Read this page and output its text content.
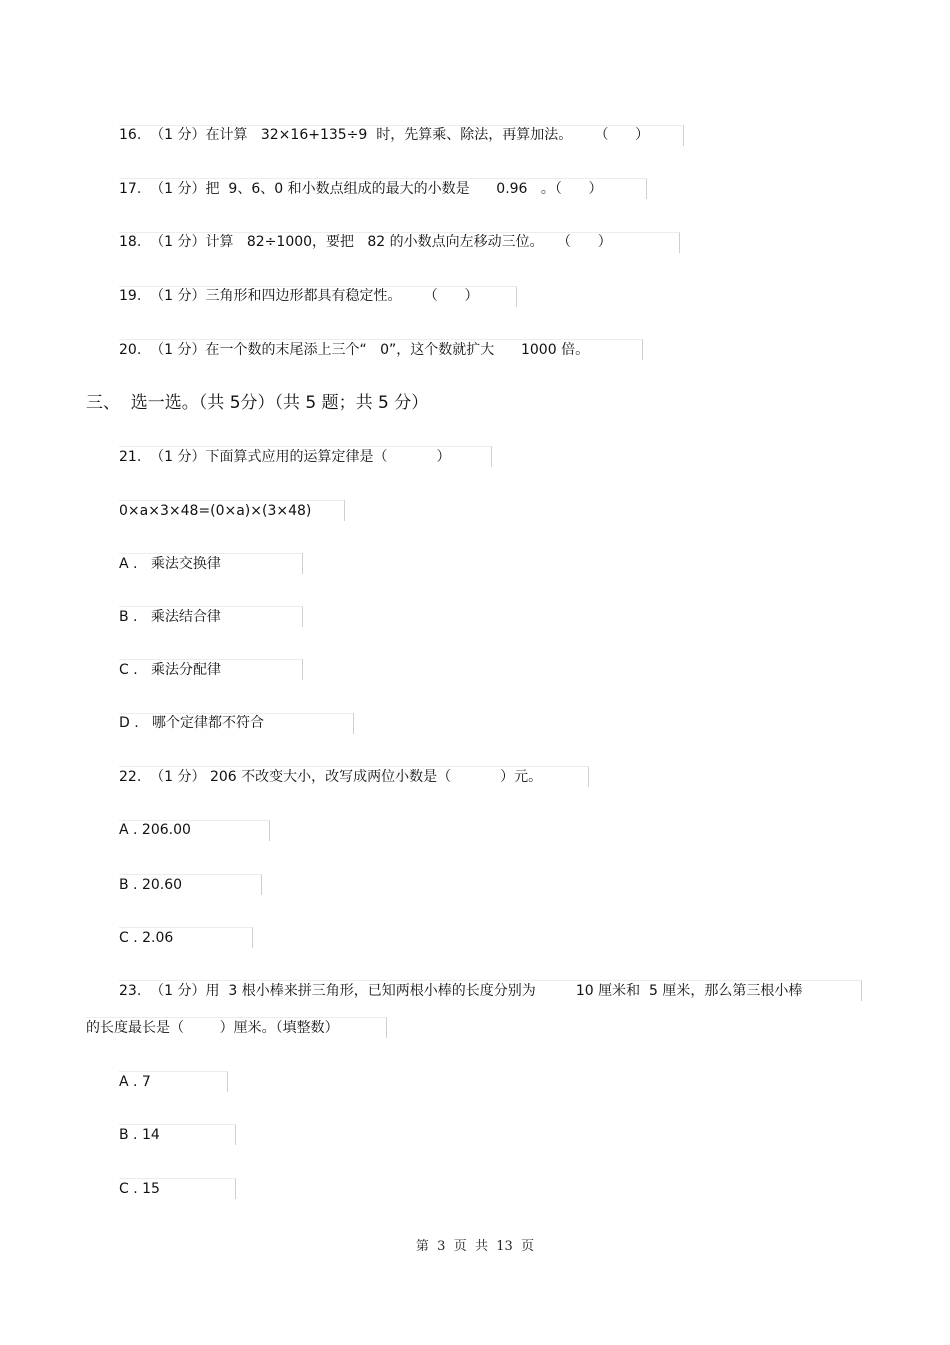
16.  （1 分）在计算   32×16+135÷9  时，先算乘、除法，再算加法。     （      ）
17.  （1 分）把  9、6、0 和小数点组成的最大的小数是      0.96   。（      ）
18.  （1 分）计算   82÷1000，要把   82 的小数点向左移动三位。   （      ）
19.  （1 分）三角形和四边形都具有稳定性。     （      ）
20.  （1 分）在一个数的末尾添上三个“   0”，这个数就扩大      1000 倍。
三、  选一选。（共 5分）（共 5 题；共 5 分）
21.  （1 分）下面算式应用的运算定律是（           ）
0×a×3×48=(0×a)×(3×48)
A .   乘法交换律
B .   乘法结合律
C .   乘法分配律
D .   哪个定律都不符合
22.  （1 分） 206 不改变大小，改写成两位小数是（           ）元。
A . 206.00
B . 20.60
C . 2.06
23.  （1 分）用  3 根小棒来拼三角形，已知两根小棒的长度分别为         10 厘米和  5 厘米，那么第三根小棒
的长度最长是（        ）厘米。（填整数）
A . 7
B . 14
C . 15
第  3  页  共  13  页
